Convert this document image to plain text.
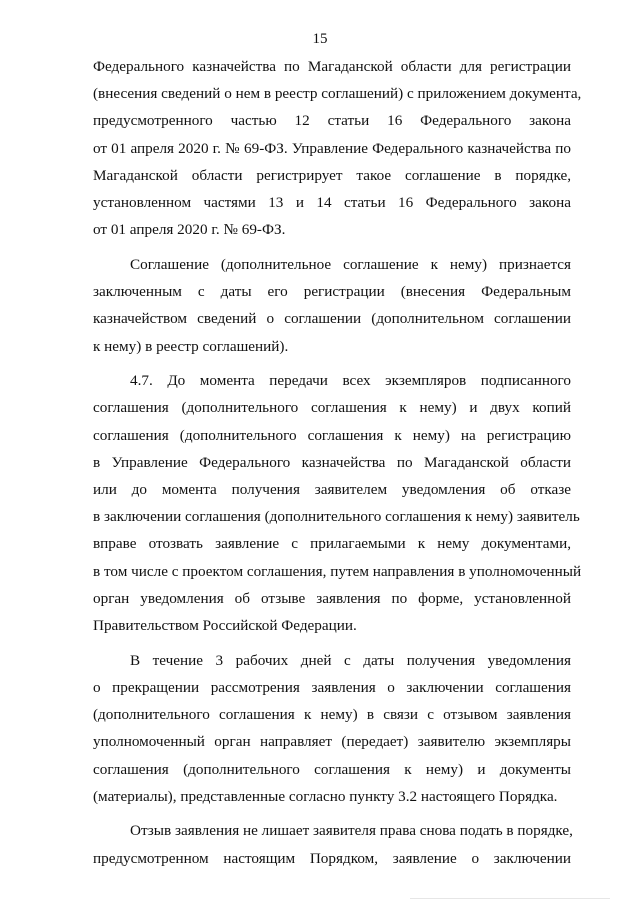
15

Федерального казначейства по Магаданской области для регистрации
(внесения сведений о нем в реестр соглашений) с приложением документа,
предусмотренного частью 12 статьи 16 Федерального закона
от 01 апреля 2020 г. № 69-ФЗ. Управление Федерального казначейства по
Магаданской области регистрирует такое соглашение в порядке,
установленном частями 13 и 14 статьи 16 Федерального закона
от 01 апреля 2020 г. № 69-ФЗ.

Соглашение (дополнительное соглашение к нему) признается
заключенным с даты его регистрации (внесения Федеральным
казначейством сведений о соглашении (дополнительном соглашении
к нему) в реестр соглашений).

4.7. До момента передачи всех экземпляров подписанного
соглашения (дополнительного соглашения к нему) и двух копий
соглашения (дополнительного соглашения к нему) на регистрацию
в Управление Федерального казначейства по Магаданской области
или до момента получения заявителем уведомления об отказе
в заключении соглашения (дополнительного соглашения к нему) заявитель
вправе отозвать заявление с прилагаемыми к нему документами,
в том числе с проектом соглашения, путем направления в уполномоченный
орган уведомления об отзыве заявления по форме, установленной
Правительством Российской Федерации.

В течение 3 рабочих дней с даты получения уведомления
о прекращении рассмотрения заявления о заключении соглашения
(дополнительного соглашения к нему) в связи с отзывом заявления
уполномоченный орган направляет (передает) заявителю экземпляры
соглашения (дополнительного соглашения к нему) и документы
(материалы), представленные согласно пункту 3.2 настоящего Порядка.

Отзыв заявления не лишает заявителя права снова подать в порядке,
предусмотренном настоящим Порядком, заявление о заключении
